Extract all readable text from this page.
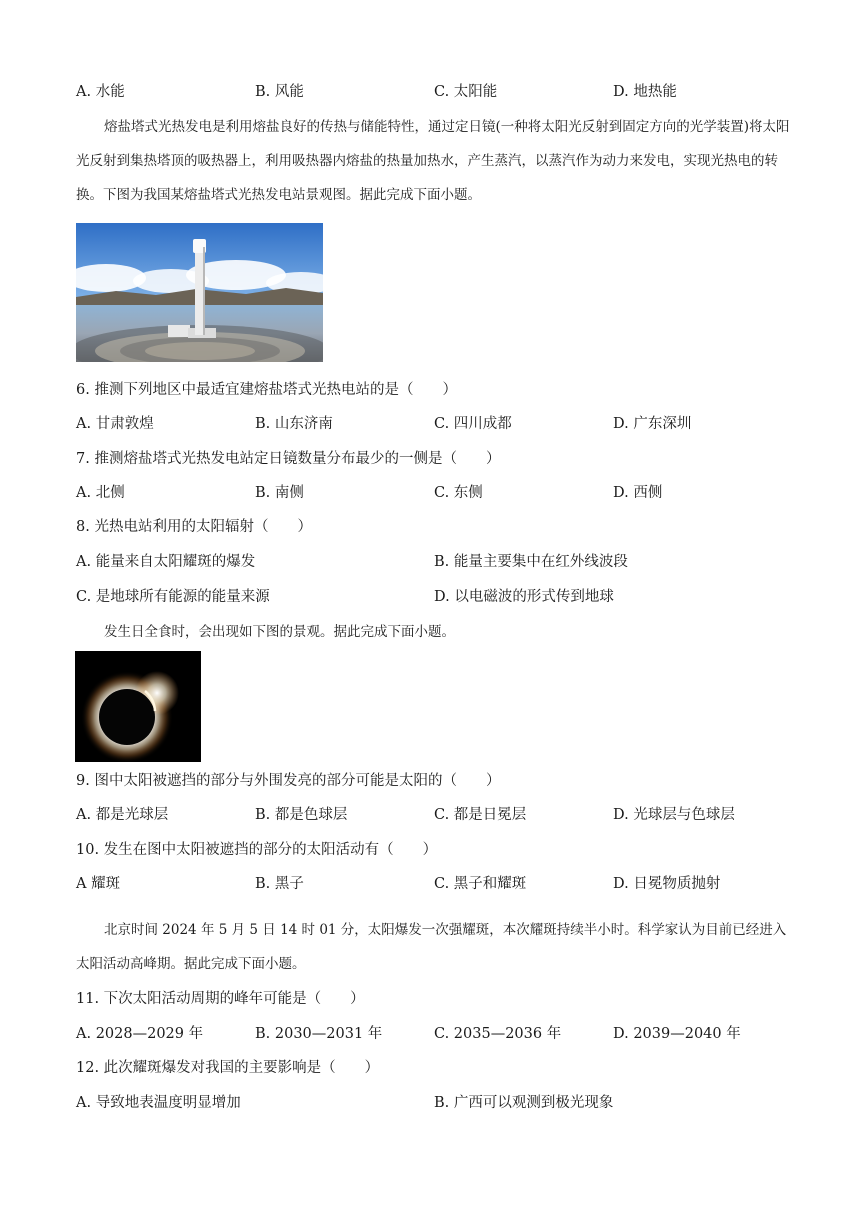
A. 水能	B. 风能	C. 太阳能	D. 地热能
熔盐塔式光热发电是利用熔盐良好的传热与储能特性，通过定日镜(一种将太阳光反射到固定方向的光学装置)将太阳光反射到集热塔顶的吸热器上，利用吸热器内熔盐的热量加热水，产生蒸汽，以蒸汽作为动力来发电，实现光热电的转换。下图为我国某熔盐塔式光热发电站景观图。据此完成下面小题。
6. 推测下列地区中最适宜建熔盐塔式光热电站的是（　　）
A. 甘肃敦煌	B. 山东济南	C. 四川成都	D. 广东深圳
7. 推测熔盐塔式光热发电站定日镜数量分布最少的一侧是（　　）
A. 北侧	B. 南侧	C. 东侧	D. 西侧
8. 光热电站利用的太阳辐射（　　）
A. 能量来自太阳耀斑的爆发	B. 能量主要集中在红外线波段
C. 是地球所有能源的能量来源	D. 以电磁波的形式传到地球
发生日全食时，会出现如下图的景观。据此完成下面小题。
9. 图中太阳被遮挡的部分与外围发亮的部分可能是太阳的（　　）
A. 都是光球层	B. 都是色球层	C. 都是日冕层	D. 光球层与色球层
10. 发生在图中太阳被遮挡的部分的太阳活动有（　　）
A 耀斑	B. 黑子	C. 黑子和耀斑	D. 日冕物质抛射
北京时间 2024 年 5 月 5 日 14 时 01 分，太阳爆发一次强耀斑，本次耀斑持续半小时。科学家认为目前已经进入太阳活动高峰期。据此完成下面小题。
11. 下次太阳活动周期的峰年可能是（　　）
A. 2028—2029 年	B. 2030—2031 年	C. 2035—2036 年	D. 2039—2040 年
12. 此次耀斑爆发对我国的主要影响是（　　）
A. 导致地表温度明显增加	B. 广西可以观测到极光现象
